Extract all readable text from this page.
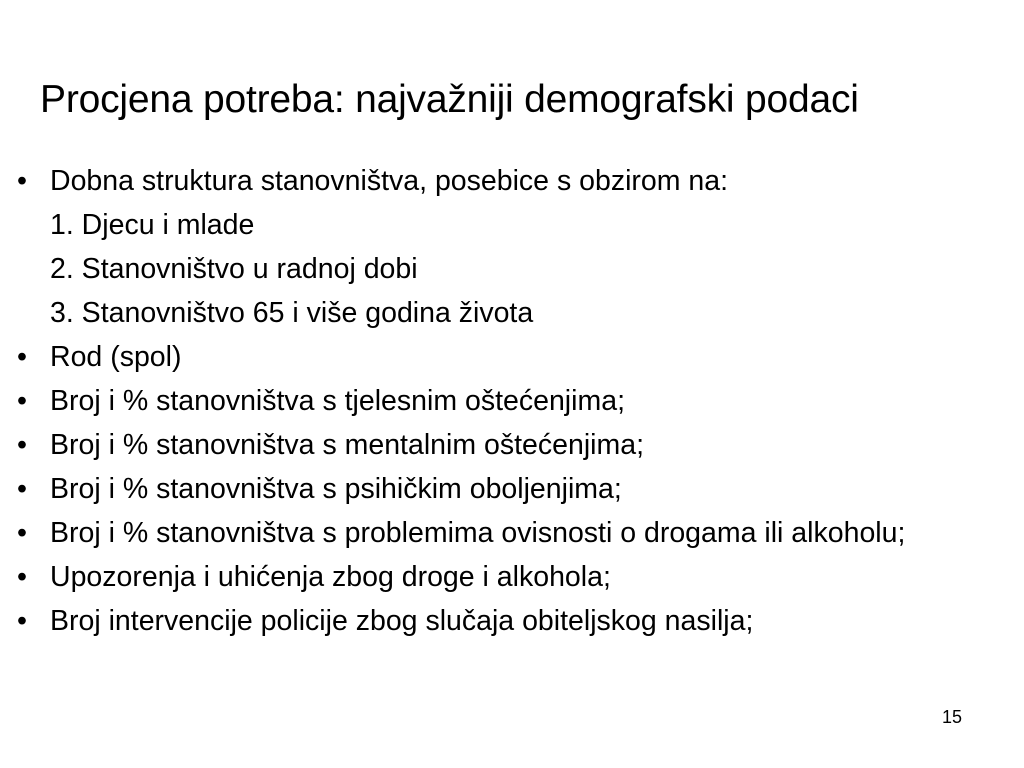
Procjena potreba: najvažniji demografski podaci
• Dobna struktura stanovništva, posebice s obzirom na:
1. Djecu i mlade
2. Stanovništvo u radnoj dobi
3. Stanovništvo 65 i više godina života
• Rod (spol)
• Broj i % stanovništva s tjelesnim oštećenjima;
• Broj i % stanovništva s mentalnim oštećenjima;
• Broj i % stanovništva s psihičkim oboljenjima;
• Broj i % stanovništva s problemima ovisnosti o drogama ili alkoholu;
• Upozorenja i uhićenja zbog droge i alkohola;
• Broj intervencije policije zbog slučaja obiteljskog nasilja;
15
